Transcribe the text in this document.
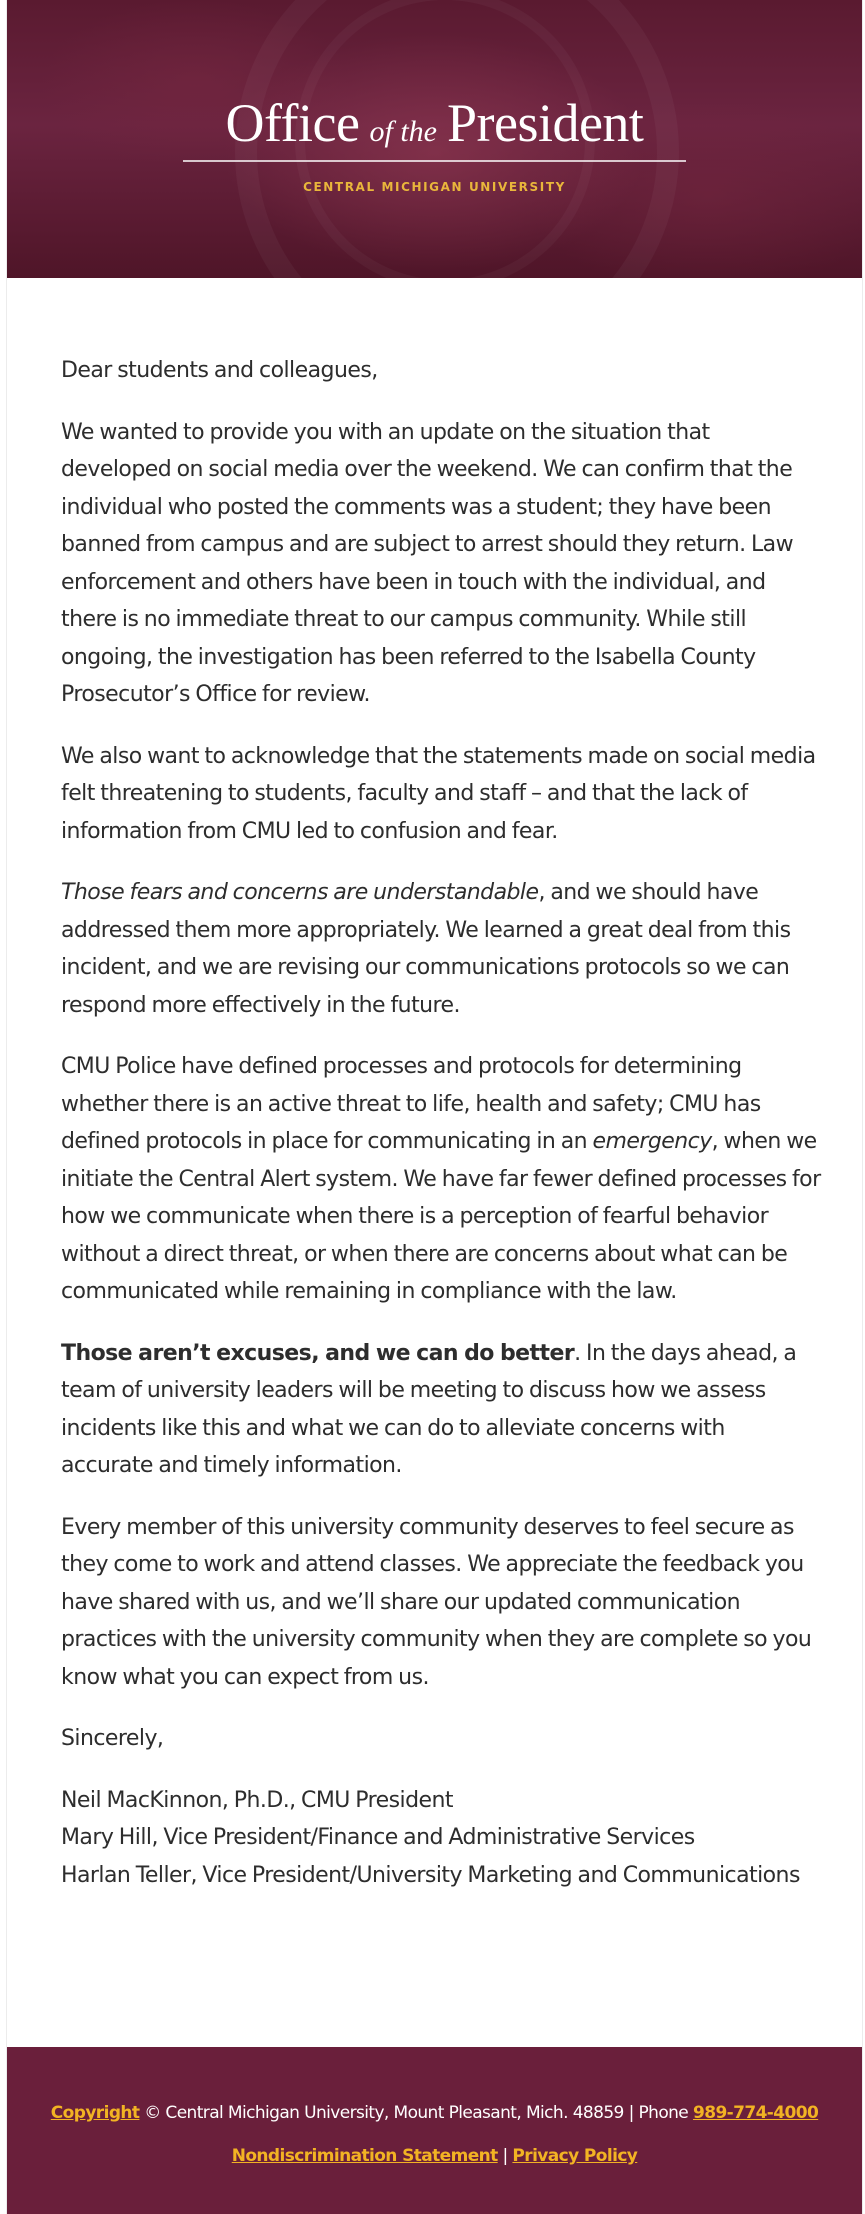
Office of the President
CENTRAL MICHIGAN UNIVERSITY

Dear students and colleagues,

We wanted to provide you with an update on the situation that developed on social media over the weekend. We can confirm that the individual who posted the comments was a student; they have been banned from campus and are subject to arrest should they return. Law enforcement and others have been in touch with the individual, and there is no immediate threat to our campus community. While still ongoing, the investigation has been referred to the Isabella County Prosecutor’s Office for review.

We also want to acknowledge that the statements made on social media felt threatening to students, faculty and staff – and that the lack of information from CMU led to confusion and fear.

Those fears and concerns are understandable, and we should have addressed them more appropriately. We learned a great deal from this incident, and we are revising our communications protocols so we can respond more effectively in the future.

CMU Police have defined processes and protocols for determining whether there is an active threat to life, health and safety; CMU has defined protocols in place for communicating in an emergency, when we initiate the Central Alert system. We have far fewer defined processes for how we communicate when there is a perception of fearful behavior without a direct threat, or when there are concerns about what can be communicated while remaining in compliance with the law.

Those aren’t excuses, and we can do better. In the days ahead, a team of university leaders will be meeting to discuss how we assess incidents like this and what we can do to alleviate concerns with accurate and timely information.

Every member of this university community deserves to feel secure as they come to work and attend classes. We appreciate the feedback you have shared with us, and we’ll share our updated communication practices with the university community when they are complete so you know what you can expect from us.

Sincerely,

Neil MacKinnon, Ph.D., CMU President
Mary Hill, Vice President/Finance and Administrative Services
Harlan Teller, Vice President/University Marketing and Communications

Copyright © Central Michigan University, Mount Pleasant, Mich. 48859 | Phone 989-774-4000
Nondiscrimination Statement | Privacy Policy
